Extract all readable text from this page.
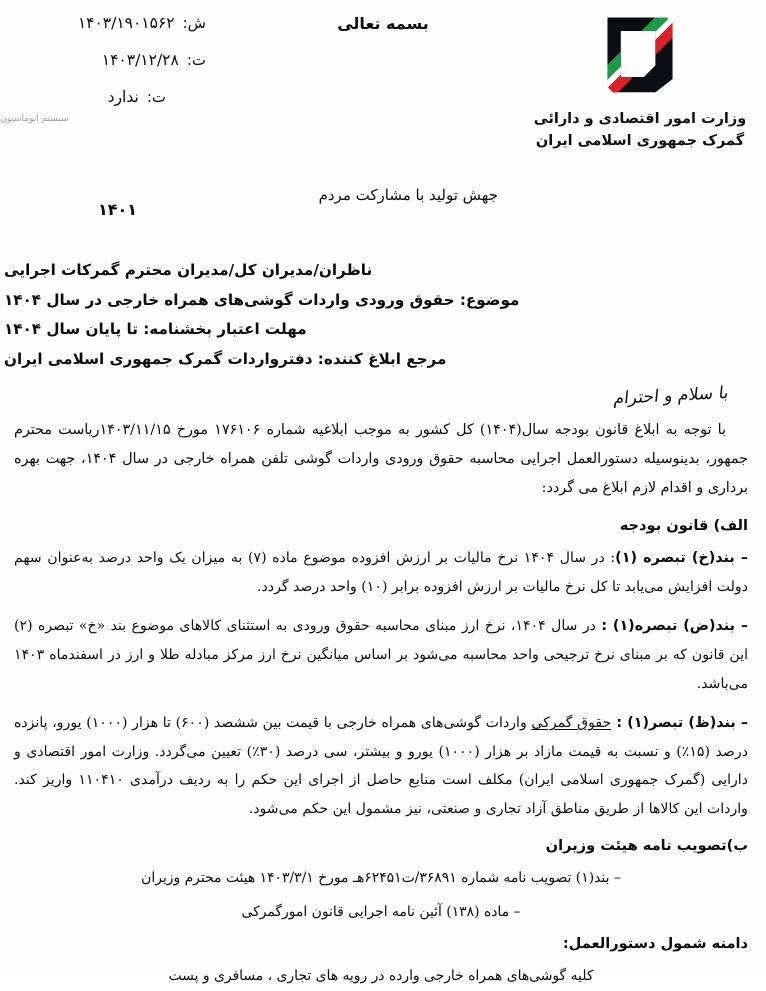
ش:
۱۴۰۳/۱۹۰۱۵۶۲
ت:
۱۴۰۳/۱۲/۲۸
ت:
ندارد
سیستم اتوماسیون
بسمه تعالی
وزارت امور اقتصادی و دارائی
گمرک جمهوری اسلامی ایران
جهش تولید با مشارکت مردم
۱۴۰۱
ناظران/مدیران کل/مدیران محترم گمرکات اجرایی
موضوع: حقوق ورودی واردات گوشی‌های همراه خارجی در سال ۱۴۰۴
مهلت اعتبار بخشنامه: تا پایان سال ۱۴۰۴
مرجع ابلاغ کننده: دفترواردات گمرک جمهوری اسلامی ایران
با سلام و احترام

با توجه به ابلاغ قانون بودجه سال(۱۴۰۴) کل کشور به موجب ابلاغیه شماره ۱۷۶۱۰۶ مورخ ۱۴۰۳/۱۱/۱۵ریاست محترم جمهور، بدینوسیله دستورالعمل اجرایی محاسبه حقوق ورودی واردات گوشی تلفن همراه خارجی در سال ۱۴۰۴، جهت بهره برداری و اقدام لازم ابلاغ می گردد:

الف) قانون بودجه

– بند(خ) تبصره (۱): در سال ۱۴۰۴ نرخ مالیات بر ارزش افزوده موضوع ماده (۷) به میزان یک واحد درصد به‌عنوان سهم دولت افزایش می‌یابد تا کل نرخ مالیات بر ارزش افزوده برابر (۱۰) واحد درصد گردد.

– بند(ض) تبصره(۱) : در سال ۱۴۰۴، نرخ ارز مبنای محاسبه حقوق ورودی به استثنای کالاهای موضوع بند «خ» تبصره (۲) این قانون که بر مبنای نرخ ترجیحی واحد محاسبه می‌شود بر اساس میانگین نرخ ارز مرکز مبادله طلا و ارز در اسفندماه ۱۴۰۳ می‌باشد.

– بند(ظ) تبصر(۱) : حقوق گمرکی واردات گوشی‌های همراه خارجی با قیمت بین ششصد (۶۰۰) تا هزار (۱۰۰۰) یورو، پانزده درصد (۱۵٪) و نسبت به قیمت مازاد بر هزار (۱۰۰۰) یورو و بیشتر، سی درصد (۳۰٪) تعیین می‌گردد. وزارت امور اقتصادی و دارایی (گمرک جمهوری اسلامی ایران) مکلف است منابع حاصل از اجرای این حکم را به ردیف درآمدی ۱۱۰۴۱۰ واریز کند. واردات این کالاها از طریق مناطق آزاد تجاری و صنعتی، نیز مشمول این حکم می‌شود.

ب)تصویب نامه هیئت وزیران

– بند(۱) تصویب نامه شماره ۳۶۸۹۱/ت۶۲۴۵۱هـ مورخ ۱۴۰۳/۳/۱ هیئت محترم وزیران

– ماده (۱۳۸) آئین نامه اجرایی قانون امورگمرکی

دامنه شمول دستورالعمل:

کلیه گوشی‌های همراه خارجی وارده در رویه های تجاری ، مسافری و پست
